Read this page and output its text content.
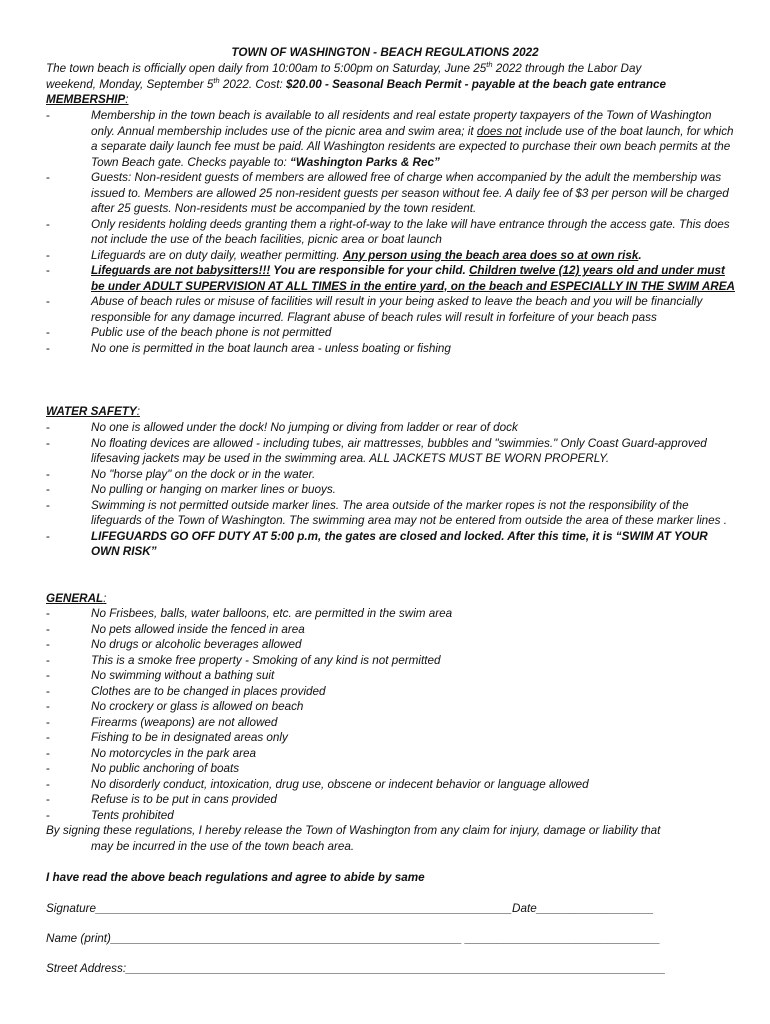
TOWN OF WASHINGTON - BEACH REGULATIONS 2022
The town beach is officially open daily from 10:00am to 5:00pm on Saturday, June 25th 2022 through the Labor Day
weekend, Monday, September 5th 2022. Cost: $20.00 - Seasonal Beach Permit - payable at the beach gate entrance
MEMBERSHIP:
-	Membership in the town beach is available to all residents and real estate property taxpayers of the Town of Washington only. Annual membership includes use of the picnic area and swim area; it does not include use of the boat launch, for which a separate daily launch fee must be paid. All Washington residents are expected to purchase their own beach permits at the Town Beach gate. Checks payable to: “Washington Parks & Rec”
-	Guests: Non-resident guests of members are allowed free of charge when accompanied by the adult the membership was issued to. Members are allowed 25 non-resident guests per season without fee. A daily fee of $3 per person will be charged after 25 guests. Non-residents must be accompanied by the town resident.
-	Only residents holding deeds granting them a right-of-way to the lake will have entrance through the access gate. This does not include the use of the beach facilities, picnic area or boat launch
-	Lifeguards are on duty daily, weather permitting. Any person using the beach area does so at own risk.
-	Lifeguards are not babysitters!!! You are responsible for your child. Children twelve (12) years old and under must be under ADULT SUPERVISION AT ALL TIMES in the entire yard, on the beach and ESPECIALLY IN THE SWIM AREA
-	Abuse of beach rules or misuse of facilities will result in your being asked to leave the beach and you will be financially responsible for any damage incurred. Flagrant abuse of beach rules will result in forfeiture of your beach pass
-	Public use of the beach phone is not permitted
-	No one is permitted in the boat launch area - unless boating or fishing
WATER SAFETY:
-	No one is allowed under the dock! No jumping or diving from ladder or rear of dock
-	No floating devices are allowed - including tubes, air mattresses, bubbles and "swimmies." Only Coast Guard-approved lifesaving jackets may be used in the swimming area. ALL JACKETS MUST BE WORN PROPERLY.
-	No "horse play" on the dock or in the water.
-	No pulling or hanging on marker lines or buoys.
-	Swimming is not permitted outside marker lines. The area outside of the marker ropes is not the responsibility of the lifeguards of the Town of Washington. The swimming area may not be entered from outside the area of these marker lines .
-	LIFEGUARDS GO OFF DUTY AT 5:00 p.m, the gates are closed and locked. After this time, it is “SWIM AT YOUR OWN RISK”
GENERAL:
-	No Frisbees, balls, water balloons, etc. are permitted in the swim area
-	No pets allowed inside the fenced in area
-	No drugs or alcoholic beverages allowed
-	This is a smoke free property - Smoking of any kind is not permitted
-	No swimming without a bathing suit
-	Clothes are to be changed in places provided
-	No crockery or glass is allowed on beach
-	Firearms (weapons) are not allowed
-	Fishing to be in designated areas only
-	No motorcycles in the park area
-	No public anchoring of boats
-	No disorderly conduct, intoxication, drug use, obscene or indecent behavior or language allowed
-	Refuse is to be put in cans provided
-	Tents prohibited
By signing these regulations, I hereby release the Town of Washington from any claim for injury, damage or liability that
may be incurred in the use of the town beach area.
I have read the above beach regulations and agree to abide by same
Signature________________________________________________________________Date__________________
Name (print)______________________________________________________ ______________________________
Street Address:___________________________________________________________________________________
